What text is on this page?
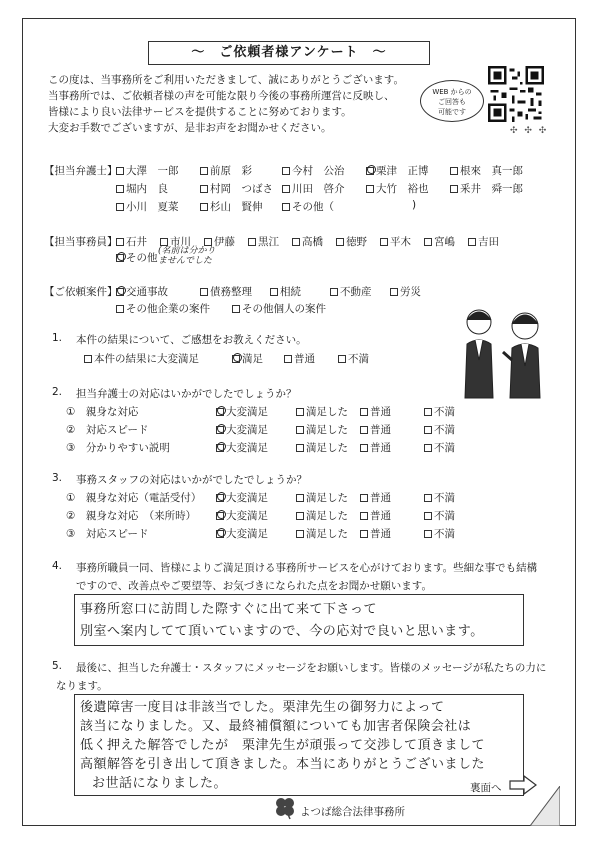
～　ご依頼者様アンケート　～
この度は、当事務所をご利用いただきまして、誠にありがとうございます。
当事務所では、ご依頼者様の声を可能な限り今後の事務所運営に反映し、
皆様により良い法律サービスを提供することに努めております。
大変お手数でございますが、是非お声をお聞かせください。
WEB からの
ご回答も
可能です
✣ ✣ ✣
【担当弁護士】
【担当事務員】
(名前は分かり
ませんでした
【ご依頼案件】
1. 本件の結果について、ご感想をお教えください。
2. 担当弁護士の対応はいかがでしたでしょうか？
3. 事務スタッフの対応はいかがでしたでしょうか？
4. 事務所職員一同、皆様によりご満足頂ける事務所サービスを心がけております。些細な事でも結構
ですので、改善点やご要望等、お気づきになられた点をお聞かせ願います。
事務所窓口に訪問した際すぐに出て来て下さって
別室へ案内してて頂いていますので、今の応対で良いと思います。
5. 最後に、担当した弁護士・スタッフにメッセージをお願いします。皆様のメッセージが私たちの力に
なります。
後遺障害一度目は非該当でした。栗津先生の御努力によって
該当になりました。又、最終補償額についても加害者保険会社は
低く押えた解答でしたが　栗津先生が頑張って交渉して頂きまして
高額解答を引き出して頂きました。本当にありがとうございました
お世話になりました。	裏面へ
よつば総合法律事務所
大澤　一郎	前原　彩	今村　公治	栗津　正博	根來　真一郎
堀内　良	村岡　つばさ	川田　啓介	大竹　裕也	釆井　舜一郎
小川　夏菜	杉山　賢伸	その他（	)
石井	市川	伊藤	黒江	高橋	徳野	平木	宮嶋	吉田
その他
交通事故	債務整理	相続	不動産	労災
その他企業の案件	その他個人の案件
本件の結果に大変満足	満足	普通	不満
①　親身な対応	大変満足	満足した	普通	不満
②　対応スピード	大変満足	満足した	普通	不満
③　分かりやすい説明	大変満足	満足した	普通	不満
①　親身な対応（電話受付）	大変満足	満足した	普通	不満
②　親身な対応　（来所時）	大変満足	満足した	普通	不満
③　対応スピード	大変満足	満足した	普通	不満
